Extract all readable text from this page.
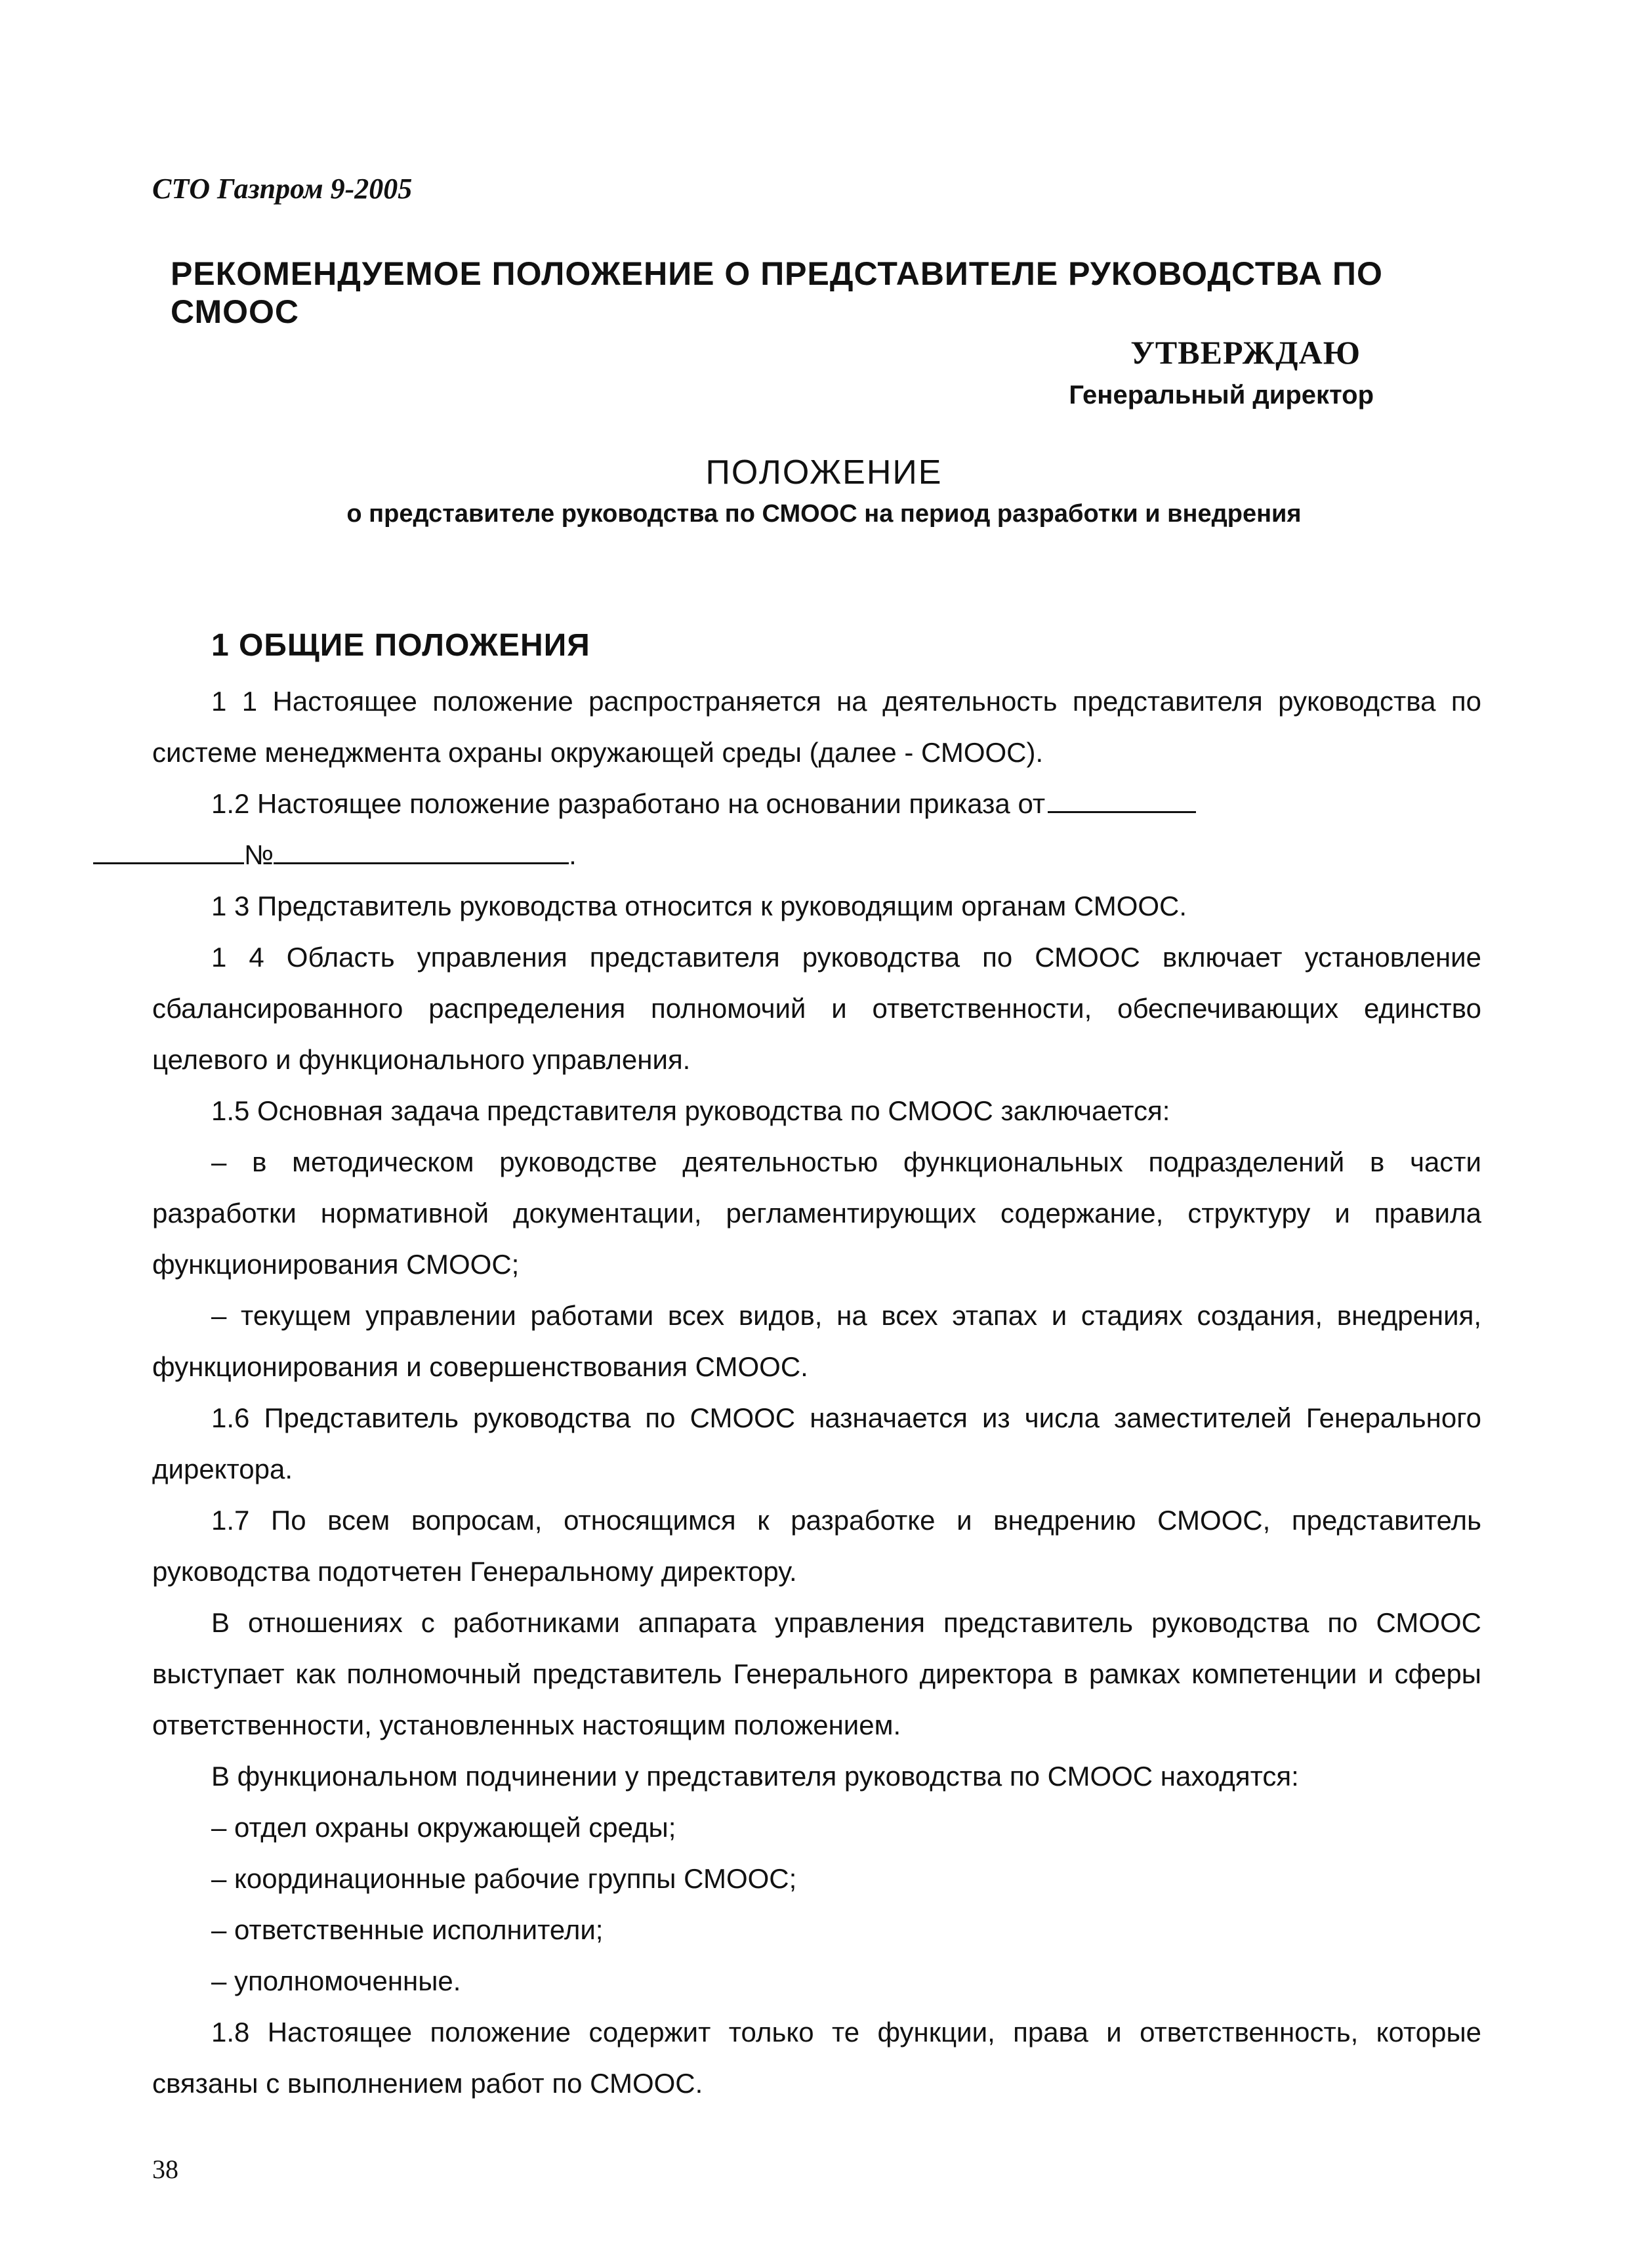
СТО Газпром 9-2005
РЕКОМЕНДУЕМОЕ ПОЛОЖЕНИЕ О ПРЕДСТАВИТЕЛЕ РУКОВОДСТВА ПО СМООС
УТВЕРЖДАЮ
Генеральный директор
ПОЛОЖЕНИЕ
о представителе руководства по СМООС на период разработки и внедрения
1 ОБЩИЕ ПОЛОЖЕНИЯ

1 1 Настоящее положение распространяется на деятельность представителя руководства по системе менеджмента охраны окружающей среды (далее - СМООС).

1.2 Настоящее положение разработано на основании приказа от
№	.

1 3 Представитель руководства относится к руководящим органам СМООС.

1 4 Область управления представителя руководства по СМООС включает установление сбалансированного распределения полномочий и ответственности, обеспечивающих единство целевого и функционального управления.

1.5 Основная задача представителя руководства по СМООС заключается:

– в методическом руководстве деятельностью функциональных подразделений в части разработки нормативной документации, регламентирующих содержание, структуру и правила функционирования СМООС;

– текущем управлении работами всех видов, на всех этапах и стадиях создания, внедрения, функционирования и совершенствования СМООС.

1.6 Представитель руководства по СМООС назначается из числа заместителей Генерального директора.

1.7 По всем вопросам, относящимся к разработке и внедрению СМООС, представитель руководства подотчетен Генеральному директору.

В отношениях с работниками аппарата управления представитель руководства по СМООС выступает как полномочный представитель Генерального директора в рамках компетенции и сферы ответственности, установленных настоящим положением.

В функциональном подчинении у представителя руководства по СМООС находятся:

– отдел охраны окружающей среды;

– координационные рабочие группы СМООС;

– ответственные исполнители;

– уполномоченные.

1.8 Настоящее положение содержит только те функции, права и ответственность, которые связаны с выполнением работ по СМООС.

38
